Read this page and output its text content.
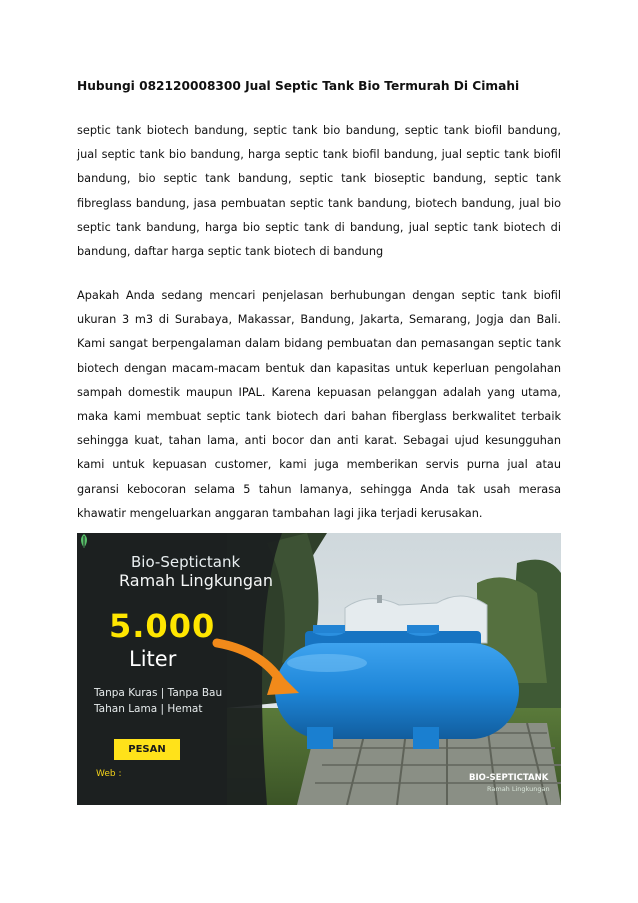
Hubungi 082120008300 Jual Septic Tank Bio Termurah Di Cimahi

septic tank biotech bandung, septic tank bio bandung, septic tank biofil bandung, jual septic tank bio bandung, harga septic tank biofil bandung, jual septic tank biofil bandung, bio septic tank bandung, septic tank bioseptic bandung, septic tank fibreglass bandung, jasa pembuatan septic tank bandung, biotech bandung, jual bio septic tank bandung, harga bio septic tank di bandung, jual septic tank biotech di bandung, daftar harga septic tank biotech di bandung

Apakah Anda sedang mencari penjelasan berhubungan dengan septic tank biofil ukuran 3 m3 di Surabaya, Makassar, Bandung, Jakarta, Semarang, Jogja dan Bali. Kami sangat berpengalaman dalam bidang pembuatan dan pemasangan septic tank biotech dengan macam-macam bentuk dan kapasitas untuk keperluan pengolahan sampah domestik maupun IPAL. Karena kepuasan pelanggan adalah yang utama, maka kami membuat septic tank biotech dari bahan fiberglass berkwalitet terbaik sehingga kuat, tahan lama, anti bocor dan anti karat. Sebagai ujud kesungguhan kami untuk kepuasan customer, kami juga memberikan servis purna jual atau garansi kebocoran selama 5 tahun lamanya, sehingga Anda tak usah merasa khawatir mengeluarkan anggaran tambahan lagi jika terjadi kerusakan.

Bio-Septictank
Ramah Lingkungan
5.000
Liter
Tanpa Kuras | Tanpa Bau
Tahan Lama | Hemat
PESAN
Web :	BIO-SEPTICTANK
Ramah Lingkungan
